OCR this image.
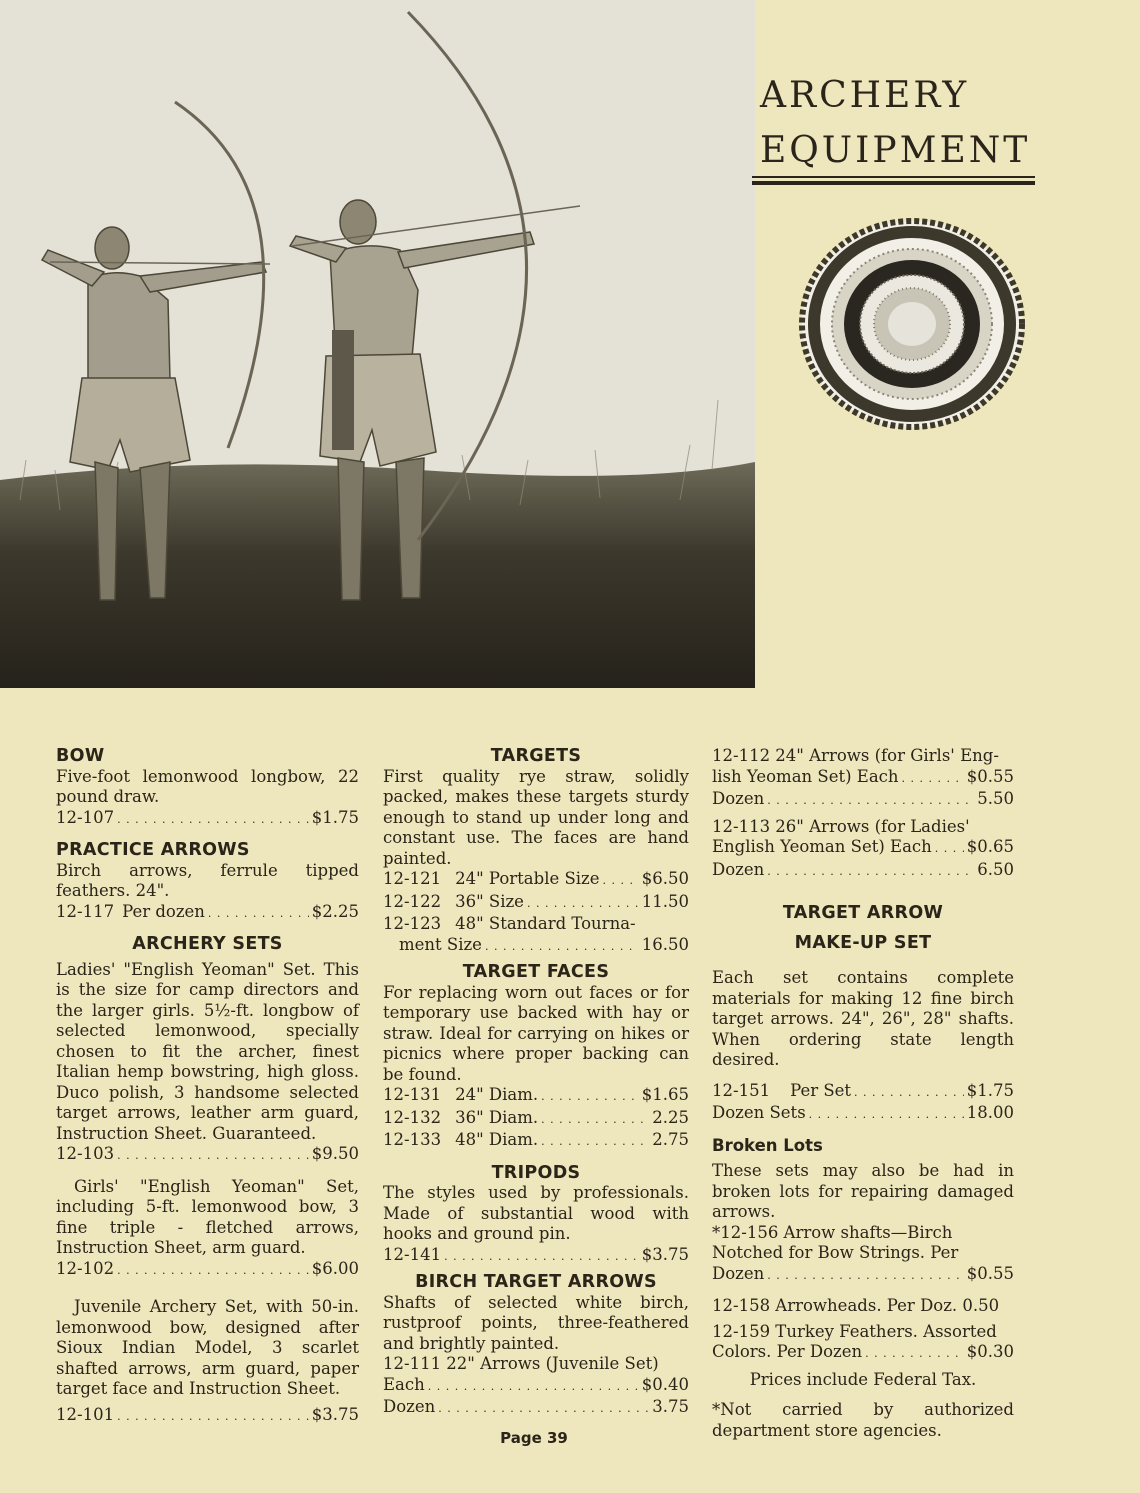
ARCHERY
EQUIPMENT
BOW

Five-foot lemonwood longbow, 22 pound draw.

12-107 . .	$1.75
PRACTICE ARROWS

Birch arrows, ferrule tipped feathers. 24".

12-117 Per dozen . .	$2.25
ARCHERY SETS

Ladies' "English Yeoman" Set. This is the size for camp directors and the larger girls. 5½-ft. longbow of selected lemonwood, specially chosen to fit the archer, finest Italian hemp bowstring, high gloss. Duco polish, 3 handsome selected target arrows, leather arm guard, Instruction Sheet. Guaranteed.

12-103 . .	$9.50

Girls' "English Yeoman" Set, including 5-ft. lemonwood bow, 3 fine triple - fletched arrows, Instruction Sheet, arm guard.

12-102 . .	$6.00

Juvenile Archery Set, with 50-in. lemonwood bow, designed after Sioux Indian Model, 3 scarlet shafted arrows, arm guard, paper target face and Instruction Sheet.

12-101 . .	$3.75
TARGETS

First quality rye straw, solidly packed, makes these targets sturdy enough to stand up under long and constant use. The faces are hand painted.

12-121 24" Portable Size . .	$6.50
12-122 36" Size . .	11.50
12-123 48" Standard Tourna-
ment Size . .	16.50
TARGET FACES

For replacing worn out faces or for temporary use backed with hay or straw. Ideal for carrying on hikes or picnics where proper backing can be found.

12-131 24" Diam. . .	$1.65
12-132 36" Diam. . .	2.25
12-133 48" Diam. . .	2.75
TRIPODS

The styles used by professionals. Made of substantial wood with hooks and ground pin.

12-141 . .	$3.75
BIRCH TARGET ARROWS

Shafts of selected white birch, rustproof points, three-feathered and brightly painted.

12-111 22" Arrows (Juvenile Set)
Each . .	$0.40
Dozen . .	3.75
12-112 24" Arrows (for Girls' Eng-
lish Yeoman Set) Each . .	$0.55
Dozen . .	5.50
12-113 26" Arrows (for Ladies'
English Yeoman Set) Each . . $0.65
Dozen . .	6.50
TARGET ARROW
MAKE-UP SET

Each set contains complete materials for making 12 fine birch target arrows. 24", 26", 28" shafts. When ordering state length desired.

12-151 Per Set . .	$1.75
Dozen Sets . .	18.00
Broken Lots

These sets may also be had in broken lots for repairing damaged arrows.

*12-156 Arrow shafts—Birch
Notched for Bow Strings. Per
Dozen . .	$0.55
12-158 Arrowheads. Per Doz. 0.50
12-159 Turkey Feathers. Assorted
Colors. Per Dozen . .	$0.30
Prices include Federal Tax.

*Not carried by authorized department store agencies.

Page 39
